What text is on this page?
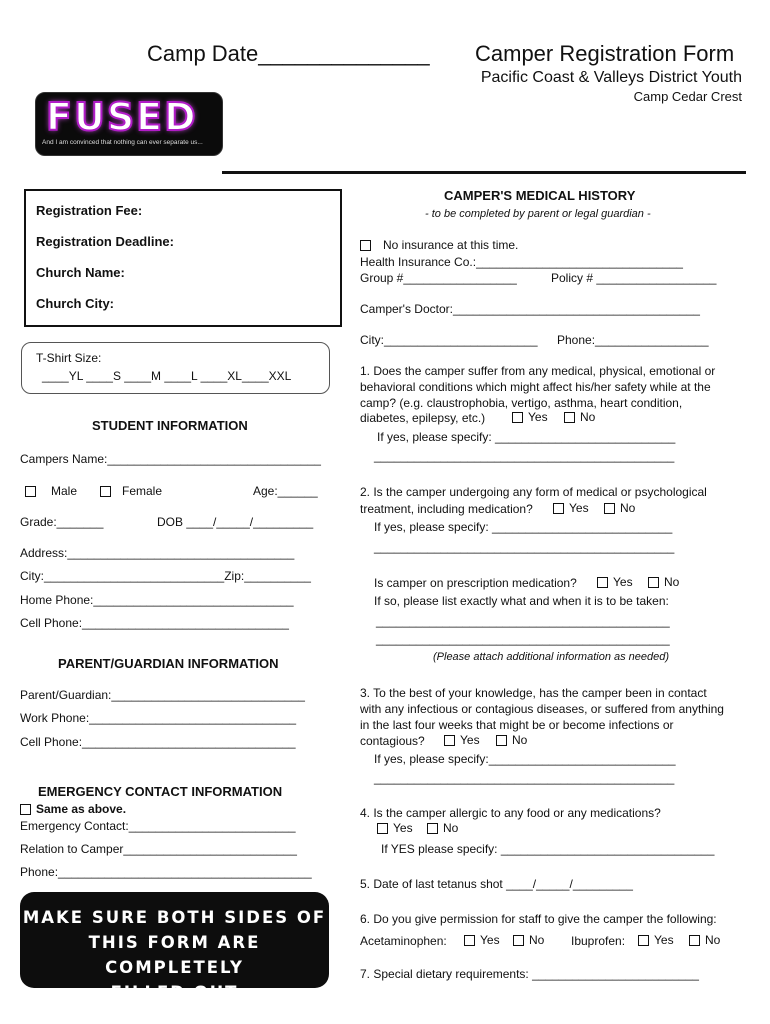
Camp Date______________ Camper Registration Form
Pacific Coast & Valleys District Youth
Camp Cedar Crest
FUSED
And I am convinced that nothing can ever separate us...
Registration Fee:
Registration Deadline:
Church Name:
Church City:
T-Shirt Size:
____YL ____S ____M ____L ____XL____XXL
STUDENT INFORMATION
Campers Name:________________________________
Male	Female	Age:______
Grade:_______	DOB ____/_____/_________
Address:__________________________________
City:___________________________Zip:__________
Home Phone:______________________________
Cell Phone:_______________________________
PARENT/GUARDIAN INFORMATION
Parent/Guardian:_____________________________
Work Phone:_______________________________
Cell Phone:________________________________
EMERGENCY CONTACT INFORMATION
Same as above.
Emergency Contact:_________________________
Relation to Camper__________________________
Phone:______________________________________
MAKE SURE BOTH SIDES OF
THIS FORM ARE COMPLETELY
FILLED OUT
CAMPER'S MEDICAL HISTORY
- to be completed by parent or legal guardian -
No insurance at this time.
Health Insurance Co.:_______________________________
Group #_________________	Policy # __________________
Camper's Doctor:_____________________________________
City:_______________________ Phone:_________________
1. Does the camper suffer from any medical, physical, emotional or
behavioral conditions which might affect his/her safety while at the
camp? (e.g. claustrophobia, vertigo, asthma, heart condition,
diabetes, epilepsy, etc.)	Yes	No
If yes, please specify: ___________________________
_____________________________________________
2. Is the camper undergoing any form of medical or psychological
treatment, including medication?	Yes	No
If yes, please specify: ___________________________
_____________________________________________
Is camper on prescription medication?	Yes	No
If so, please list exactly what and when it is to be taken:
____________________________________________
____________________________________________
(Please attach additional information as needed)
3. To the best of your knowledge, has the camper been in contact
with any infectious or contagious diseases, or suffered from anything
in the last four weeks that might be or become infections or
contagious?	Yes	No
If yes, please specify:____________________________
_____________________________________________
4. Is the camper allergic to any food or any medications?
Yes	No
If YES please specify: ________________________________
5. Date of last tetanus shot ____/_____/_________
6. Do you give permission for staff to give the camper the following:
Acetaminophen:	Yes	No Ibuprofen:	Yes	No
7. Special dietary requirements: _________________________
